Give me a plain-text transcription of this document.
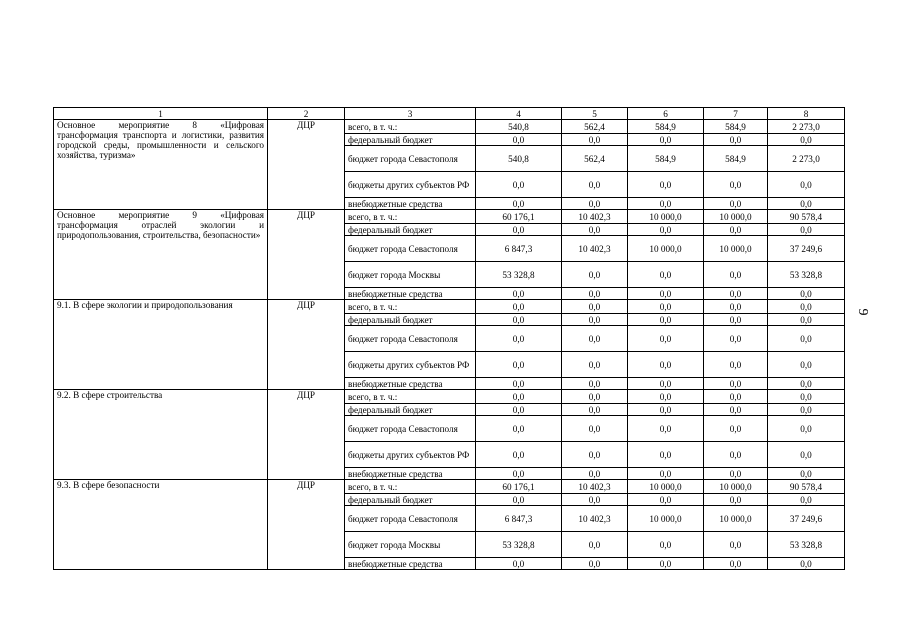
1	2	3	4	5	6	7	8
Основное мероприятие 8 «Цифровая трансформация транспорта и логистики, развития городской среды, промышленности и сельского хозяйства, туризма»	ДЦР	всего, в т. ч.:	540,8	562,4	584,9	584,9	2 273,0
		федеральный бюджет	0,0	0,0	0,0	0,0	0,0
		бюджет города Севастополя	540,8	562,4	584,9	584,9	2 273,0
		бюджеты других субъектов РФ	0,0	0,0	0,0	0,0	0,0
		внебюджетные средства	0,0	0,0	0,0	0,0	0,0
Основное мероприятие 9 «Цифровая трансформация отраслей экологии и природопользования, строительства, безопасности»	ДЦР	всего, в т. ч.:	60 176,1	10 402,3	10 000,0	10 000,0	90 578,4
		федеральный бюджет	0,0	0,0	0,0	0,0	0,0
		бюджет города Севастополя	6 847,3	10 402,3	10 000,0	10 000,0	37 249,6
		бюджет города Москвы	53 328,8	0,0	0,0	0,0	53 328,8
		внебюджетные средства	0,0	0,0	0,0	0,0	0,0
9.1. В сфере экологии и природопользования	ДЦР	всего, в т. ч.:	0,0	0,0	0,0	0,0	0,0
		федеральный бюджет	0,0	0,0	0,0	0,0	0,0
		бюджет города Севастополя	0,0	0,0	0,0	0,0	0,0
		бюджеты других субъектов РФ	0,0	0,0	0,0	0,0	0,0
		внебюджетные средства	0,0	0,0	0,0	0,0	0,0
9.2. В сфере строительства	ДЦР	всего, в т. ч.:	0,0	0,0	0,0	0,0	0,0
		федеральный бюджет	0,0	0,0	0,0	0,0	0,0
		бюджет города Севастополя	0,0	0,0	0,0	0,0	0,0
		бюджеты других субъектов РФ	0,0	0,0	0,0	0,0	0,0
		внебюджетные средства	0,0	0,0	0,0	0,0	0,0
9.3. В сфере безопасности	ДЦР	всего, в т. ч.:	60 176,1	10 402,3	10 000,0	10 000,0	90 578,4
		федеральный бюджет	0,0	0,0	0,0	0,0	0,0
		бюджет города Севастополя	6 847,3	10 402,3	10 000,0	10 000,0	37 249,6
		бюджет города Москвы	53 328,8	0,0	0,0	0,0	53 328,8
		внебюджетные средства	0,0	0,0	0,0	0,0	0,0
9
